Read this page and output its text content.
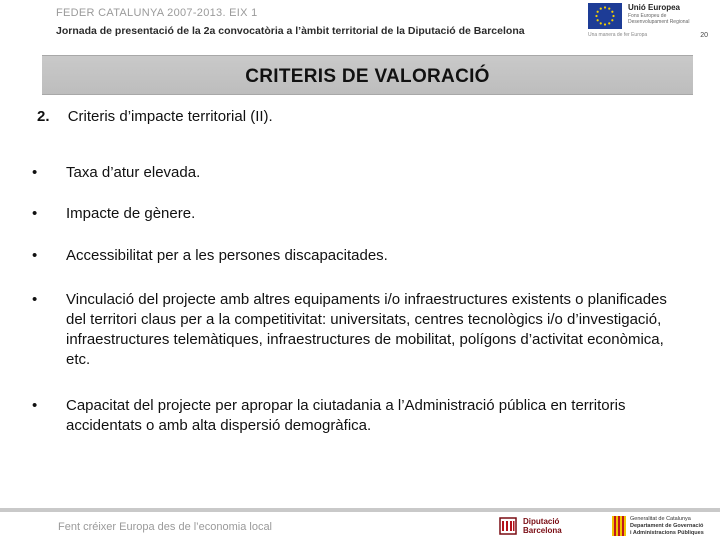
FEDER CATALUNYA 2007-2013. EIX 1
Jornada de presentació de la 2a convocatòria a l’àmbit territorial de la Diputació de Barcelona	20
Unió Europea
Fons Europeu de Desenvolupament Regional
Una manera de fer Europa
CRITERIS DE VALORACIÓ
2. Criteris d’impacte territorial (II).
•	Taxa d’atur elevada.
•	Impacte de gènere.
•	Accessibilitat per a les persones discapacitades.
•	Vinculació del projecte amb altres equipaments i/o infraestructures existents o planificades del territori claus per a la competitivitat: universitats, centres tecnològics i/o d’investigació, infraestructures telemàtiques, infraestructures de mobilitat, polígons d’activitat econòmica, etc.
•	Capacitat del projecte per apropar la ciutadania a l’Administració pública en territoris accidentats o amb alta dispersió demogràfica.
Fent créixer Europa des de l’economia local	Diputació
Barcelona
Generalitat de Catalunya
Departament de Governació
i Administracions Públiques
